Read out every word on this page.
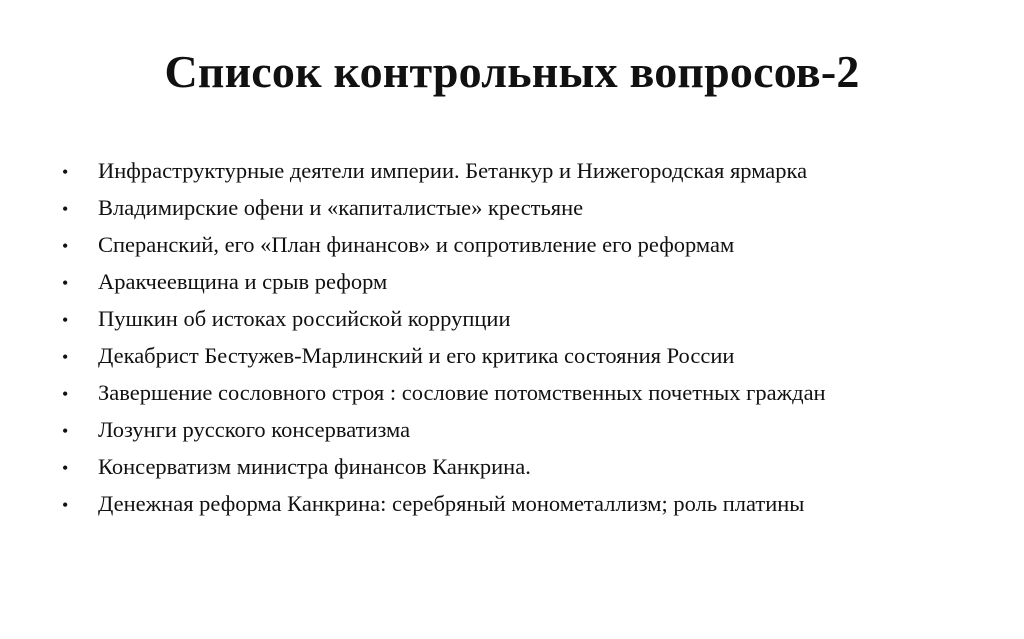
Список контрольных вопросов-2
•	Инфраструктурные деятели империи. Бетанкур и Нижегородская ярмарка
•	Владимирские офени и «капиталистые» крестьяне
•	Сперанский, его «План финансов» и сопротивление его реформам
•	Аракчеевщина и срыв реформ
•	Пушкин об истоках российской коррупции
•	Декабрист Бестужев-Марлинский и его критика состояния России
•	Завершение сословного строя : сословие потомственных почетных граждан
•	Лозунги русского консерватизма
•	Консерватизм министра финансов Канкрина.
•	Денежная реформа Канкрина: серебряный монометаллизм; роль платины
